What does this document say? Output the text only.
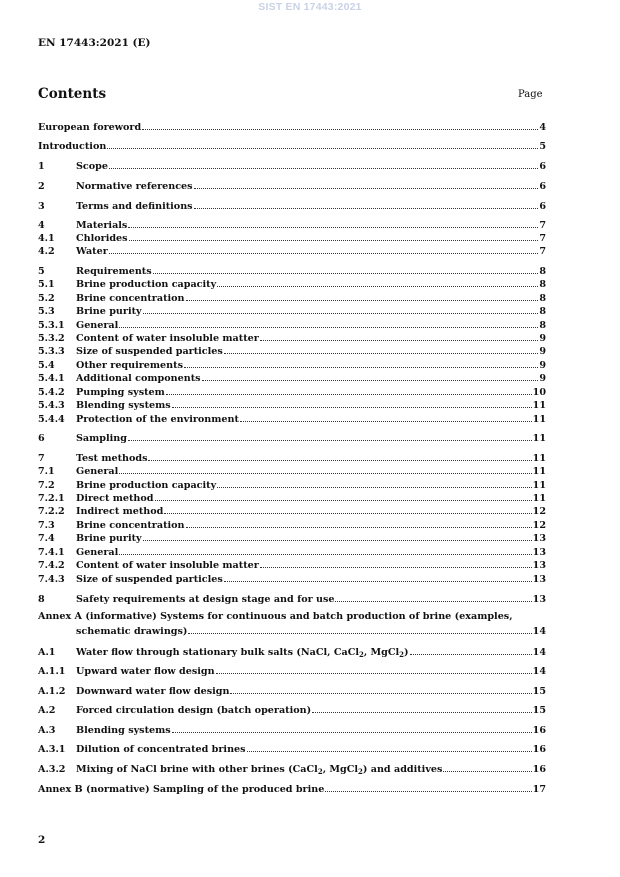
SIST EN 17443:2021
EN 17443:2021 (E)
Contents	Page
European foreword	4
Introduction	5
1	Scope	6
2	Normative references	6
3	Terms and definitions	6
4	Materials	7
4.1	Chlorides	7
4.2	Water	7
5	Requirements	8
5.1	Brine production capacity	8
5.2	Brine concentration	8
5.3	Brine purity	8
5.3.1	General	8
5.3.2	Content of water insoluble matter	9
5.3.3	Size of suspended particles	9
5.4	Other requirements	9
5.4.1	Additional components	9
5.4.2	Pumping system	10
5.4.3	Blending systems	11
5.4.4	Protection of the environment	11
6	Sampling	11
7	Test methods	11
7.1	General	11
7.2	Brine production capacity	11
7.2.1	Direct method	11
7.2.2	Indirect method	12
7.3	Brine concentration	12
7.4	Brine purity	13
7.4.1	General	13
7.4.2	Content of water insoluble matter	13
7.4.3	Size of suspended particles	13
8	Safety requirements at design stage and for use	13
Annex A (informative) Systems for continuous and batch production of brine (examples,
schematic drawings)	14
A.1	Water flow through stationary bulk salts (NaCl, CaCl$_2$, MgCl$_2$)	14
A.1.1	Upward water flow design	14
A.1.2	Downward water flow design	15
A.2	Forced circulation design (batch operation)	15
A.3	Blending systems	16
A.3.1	Dilution of concentrated brines	16
A.3.2	Mixing of NaCl brine with other brines (CaCl$_2$, MgCl$_2$) and additives	16
Annex B (normative) Sampling of the produced brine	17
2
